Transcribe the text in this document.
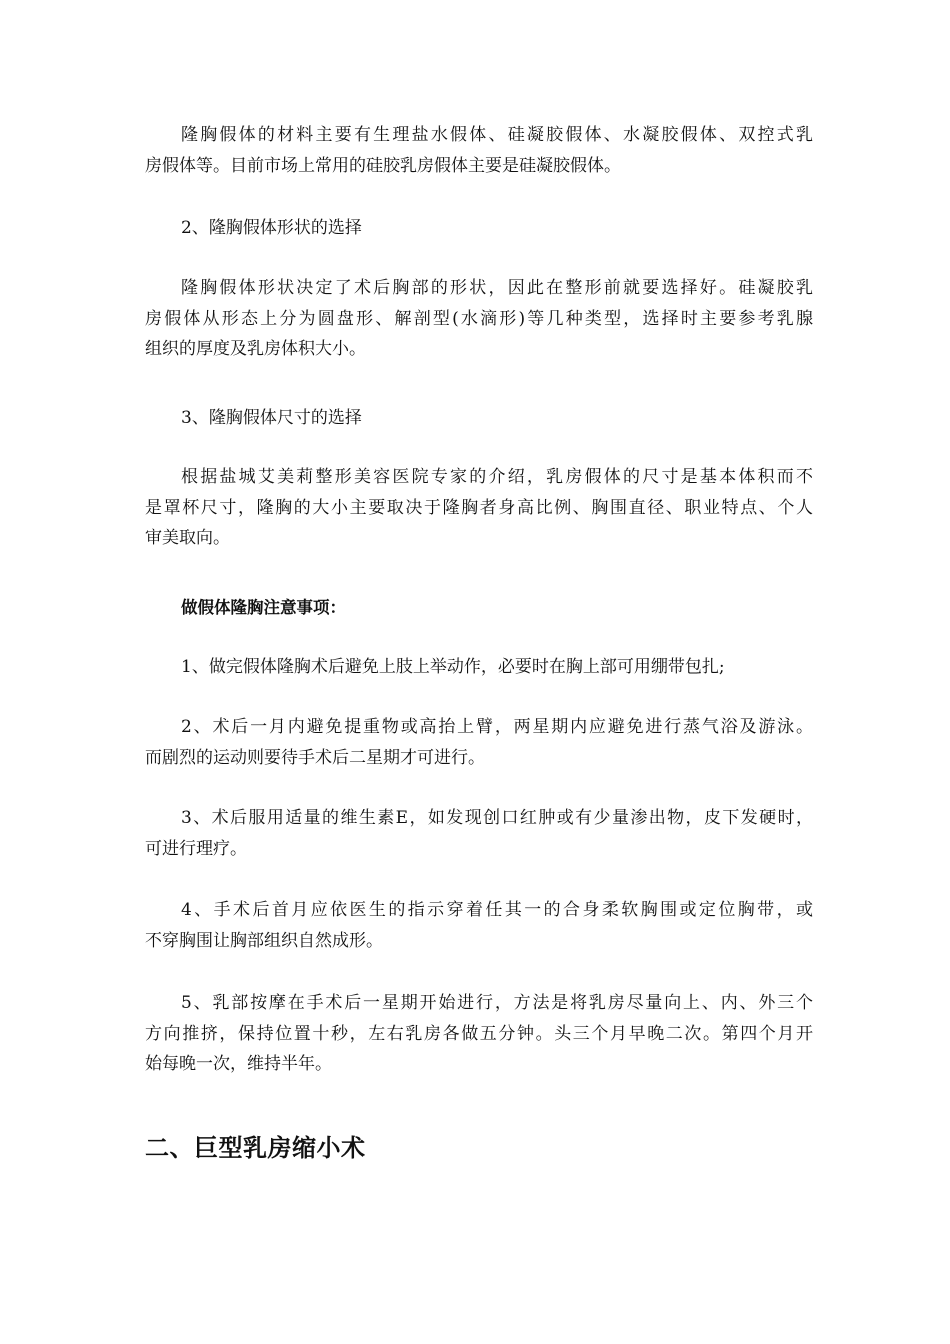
隆胸假体的材料主要有生理盐水假体、硅凝胶假体、水凝胶假体、双控式乳
房假体等。目前市场上常用的硅胶乳房假体主要是硅凝胶假体。
2、隆胸假体形状的选择
隆胸假体形状决定了术后胸部的形状，因此在整形前就要选择好。硅凝胶乳
房假体从形态上分为圆盘形、解剖型(水滴形)等几种类型，选择时主要参考乳腺
组织的厚度及乳房体积大小。
3、隆胸假体尺寸的选择
根据盐城艾美莉整形美容医院专家的介绍，乳房假体的尺寸是基本体积而不
是罩杯尺寸，隆胸的大小主要取决于隆胸者身高比例、胸围直径、职业特点、个人
审美取向。
做假体隆胸注意事项：
1、做完假体隆胸术后避免上肢上举动作，必要时在胸上部可用绷带包扎;
2、术后一月内避免提重物或高抬上臂，两星期内应避免进行蒸气浴及游泳。
而剧烈的运动则要待手术后二星期才可进行。
3、术后服用适量的维生素E，如发现创口红肿或有少量渗出物，皮下发硬时，
可进行理疗。
4、手术后首月应依医生的指示穿着任其一的合身柔软胸围或定位胸带，或
不穿胸围让胸部组织自然成形。
5、乳部按摩在手术后一星期开始进行，方法是将乳房尽量向上、内、外三个
方向推挤，保持位置十秒，左右乳房各做五分钟。头三个月早晚二次。第四个月开
始每晚一次，维持半年。
二、巨型乳房缩小术
